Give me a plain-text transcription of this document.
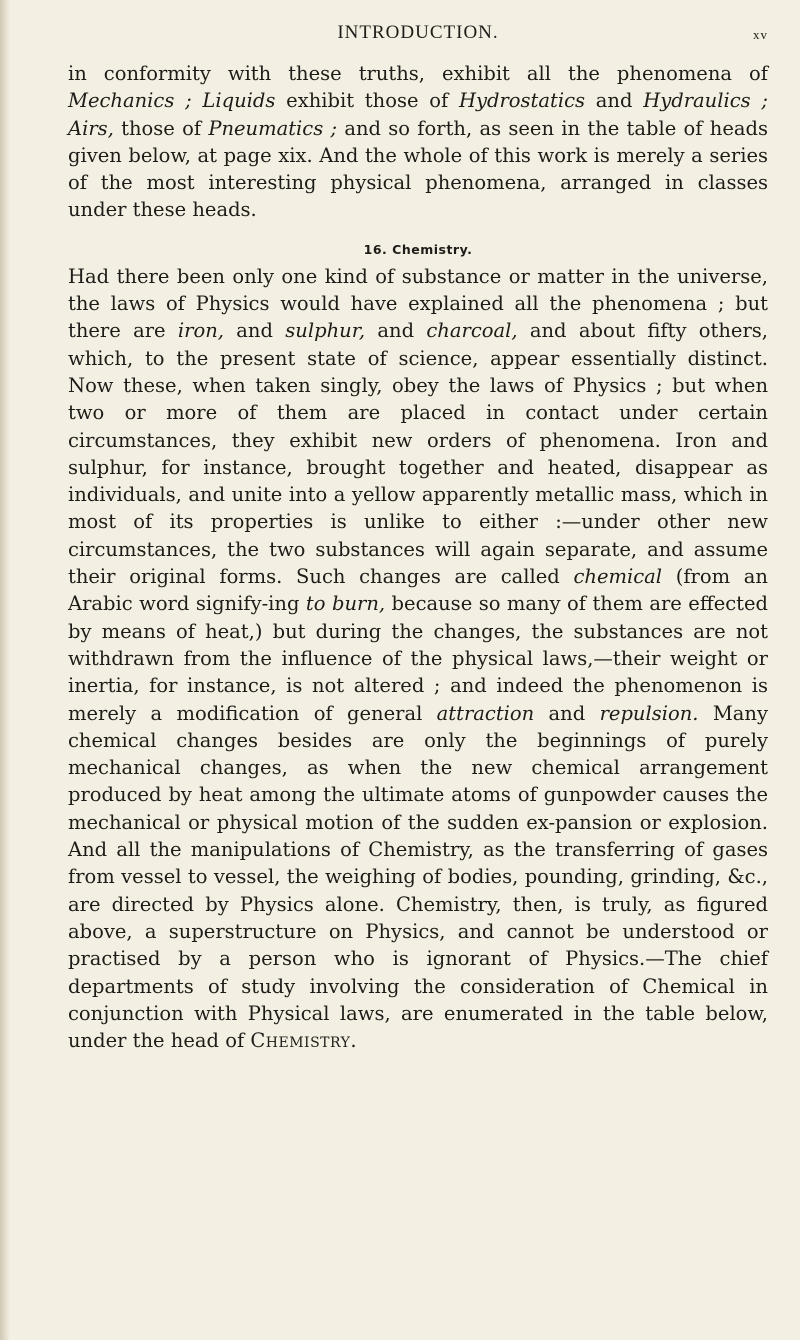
INTRODUCTION.	xv

in conformity with these truths, exhibit all the phenomena of Mechanics ; Liquids exhibit those of Hydrostatics and Hydraulics ; Airs, those of Pneumatics ; and so forth, as seen in the table of heads given below, at page xix. And the whole of this work is merely a series of the most interesting physical phenomena, arranged in classes under these heads.

16. Chemistry.

Had there been only one kind of substance or matter in the universe, the laws of Physics would have explained all the phenomena ; but there are iron, and sulphur, and charcoal, and about fifty others, which, to the present state of science, appear essentially distinct. Now these, when taken singly, obey the laws of Physics ; but when two or more of them are placed in contact under certain circumstances, they exhibit new orders of phenomena. Iron and sulphur, for instance, brought together and heated, disappear as individuals, and unite into a yellow apparently metallic mass, which in most of its properties is unlike to either :—under other new circumstances, the two substances will again separate, and assume their original forms. Such changes are called chemical (from an Arabic word signify-ing to burn, because so many of them are effected by means of heat,) but during the changes, the substances are not withdrawn from the influence of the physical laws,—their weight or inertia, for instance, is not altered ; and indeed the phenomenon is merely a modification of general attraction and repulsion. Many chemical changes besides are only the beginnings of purely mechanical changes, as when the new chemical arrangement produced by heat among the ultimate atoms of gunpowder causes the mechanical or physical motion of the sudden ex-pansion or explosion. And all the manipulations of Chemistry, as the transferring of gases from vessel to vessel, the weighing of bodies, pounding, grinding, &c., are directed by Physics alone. Chemistry, then, is truly, as figured above, a superstructure on Physics, and cannot be understood or practised by a person who is ignorant of Physics.—The chief departments of study involving the consideration of Chemical in conjunction with Physical laws, are enumerated in the table below, under the head of Chemistry.
